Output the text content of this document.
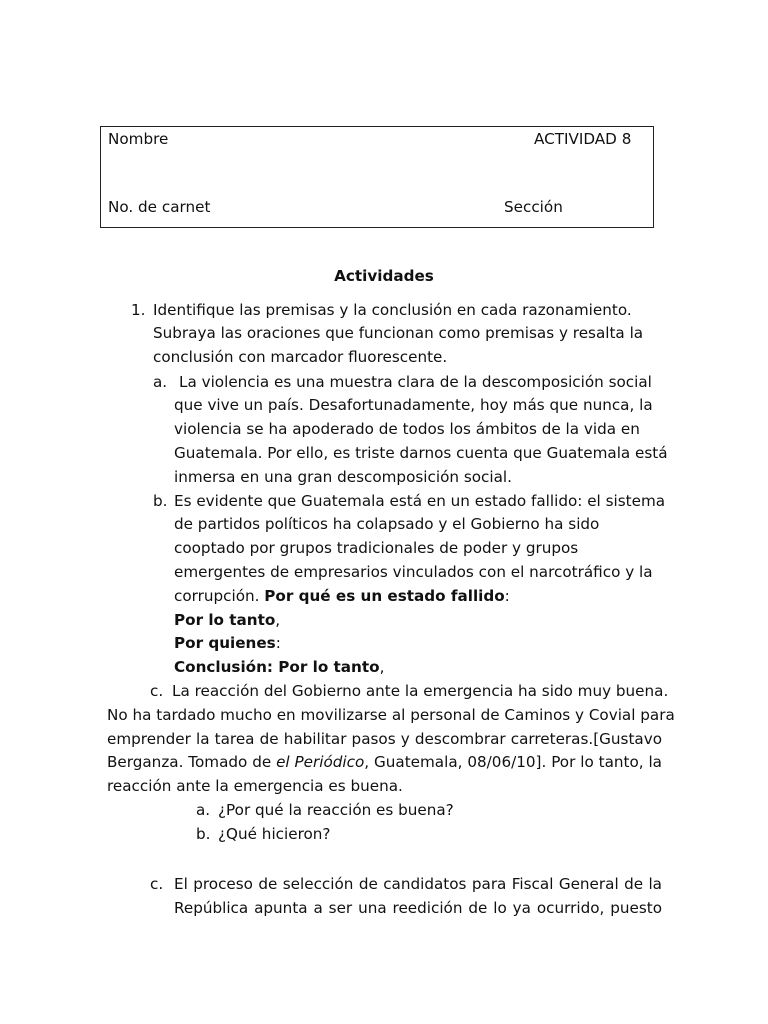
Nombre	ACTIVIDAD 8
No. de carnet	Sección
Actividades
1. Identifique las premisas y la conclusión en cada razonamiento.
Subraya las oraciones que funcionan como premisas y resalta la
conclusión con marcador fluorescente.
a. La violencia es una muestra clara de la descomposición social
que vive un país. Desafortunadamente, hoy más que nunca, la
violencia se ha apoderado de todos los ámbitos de la vida en
Guatemala. Por ello, es triste darnos cuenta que Guatemala está
inmersa en una gran descomposición social.
b. Es evidente que Guatemala está en un estado fallido: el sistema
de partidos políticos ha colapsado y el Gobierno ha sido
cooptado por grupos tradicionales de poder y grupos
emergentes de empresarios vinculados con el narcotráfico y la
corrupción. Por qué es un estado fallido:
Por lo tanto,
Por quienes:
Conclusión: Por lo tanto,
c. La reacción del Gobierno ante la emergencia ha sido muy buena.
No ha tardado mucho en movilizarse al personal de Caminos y Covial para
emprender la tarea de habilitar pasos y descombrar carreteras.[Gustavo
Berganza. Tomado de el Periódico, Guatemala, 08/06/10]. Por lo tanto, la
reacción ante la emergencia es buena.
a. ¿Por qué la reacción es buena?
b. ¿Qué hicieron?
c. El proceso de selección de candidatos para Fiscal General de la
República apunta a ser una reedición de lo ya ocurrido, puesto
